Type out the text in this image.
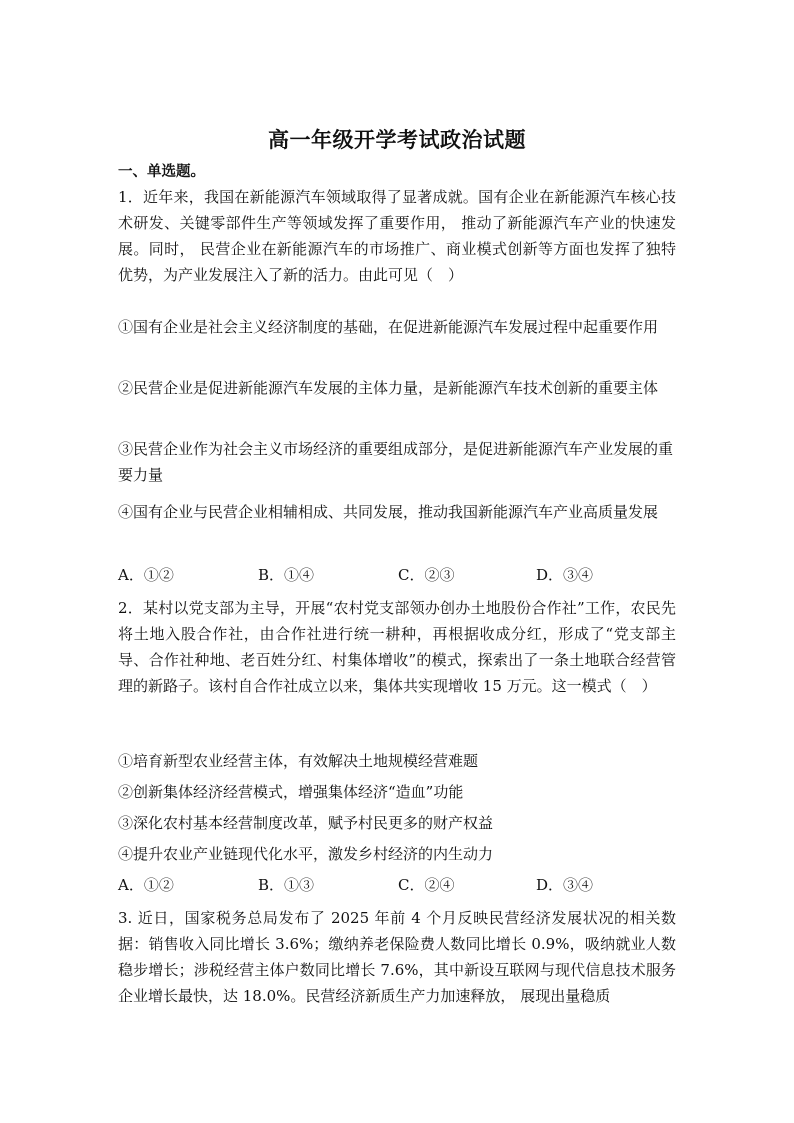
高一年级开学考试政治试题
一、单选题。

1．近年来，我国在新能源汽车领域取得了显著成就。国有企业在新能源汽车核心技术研发、关键零部件生产等领域发挥了重要作用， 推动了新能源汽车产业的快速发展。同时， 民营企业在新能源汽车的市场推广、商业模式创新等方面也发挥了独特优势，为产业发展注入了新的活力。由此可见（　）

①国有企业是社会主义经济制度的基础，在促进新能源汽车发展过程中起重要作用

②民营企业是促进新能源汽车发展的主体力量，是新能源汽车技术创新的重要主体

③民营企业作为社会主义市场经济的重要组成部分，是促进新能源汽车产业发展的重要力量

④国有企业与民营企业相辅相成、共同发展，推动我国新能源汽车产业高质量发展

A．①②	B．①④	C．②③	D．③④

2．某村以党支部为主导，开展“农村党支部领办创办土地股份合作社”工作，农民先将土地入股合作社，由合作社进行统一耕种，再根据收成分红，形成了“党支部主导、合作社种地、老百姓分红、村集体增收”的模式，探索出了一条土地联合经营管理的新路子。该村自合作社成立以来，集体共实现增收 15 万元。这一模式（　）

①培育新型农业经营主体，有效解决土地规模经营难题

②创新集体经济经营模式，增强集体经济“造血”功能

③深化农村基本经营制度改革，赋予村民更多的财产权益

④提升农业产业链现代化水平，激发乡村经济的内生动力

A．①②	B．①③	C．②④	D．③④

3. 近日，国家税务总局发布了 2025 年前 4 个月反映民营经济发展状况的相关数据：销售收入同比增长 3.6%；缴纳养老保险费人数同比增长 0.9%，吸纳就业人数稳步增长；涉税经营主体户数同比增长 7.6%，其中新设互联网与现代信息技术服务企业增长最快，达 18.0%。民营经济新质生产力加速释放， 展现出量稳质
